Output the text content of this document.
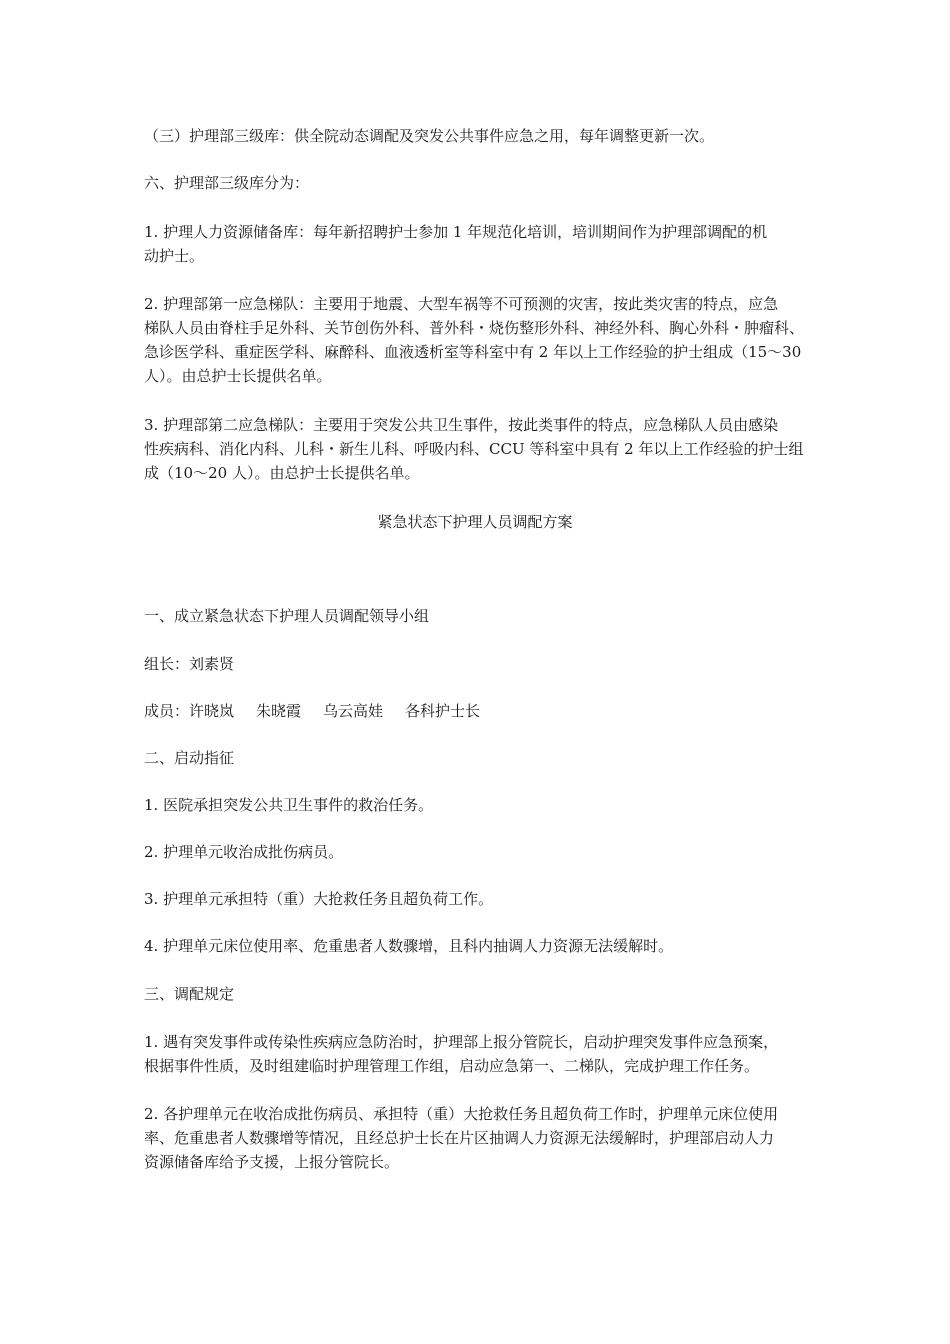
（三）护理部三级库：供全院动态调配及突发公共事件应急之用，每年调整更新一次。

六、护理部三级库分为：

1. 护理人力资源储备库：每年新招聘护士参加 1 年规范化培训，培训期间作为护理部调配的机
动护士。

2. 护理部第一应急梯队：主要用于地震、大型车祸等不可预测的灾害，按此类灾害的特点，应急
梯队人员由脊柱手足外科、关节创伤外科、普外科・烧伤整形外科、神经外科、胸心外科・肿瘤科、
急诊医学科、重症医学科、麻醉科、血液透析室等科室中有 2 年以上工作经验的护士组成（15～30
人）。由总护士长提供名单。

3. 护理部第二应急梯队：主要用于突发公共卫生事件，按此类事件的特点，应急梯队人员由感染
性疾病科、消化内科、儿科・新生儿科、呼吸内科、CCU 等科室中具有 2 年以上工作经验的护士组
成（10～20 人）。由总护士长提供名单。

紧急状态下护理人员调配方案

一、成立紧急状态下护理人员调配领导小组

组长：刘素贤

成员：许晓岚 朱晓霞 乌云高娃 各科护士长

二、启动指征

1. 医院承担突发公共卫生事件的救治任务。

2. 护理单元收治成批伤病员。

3. 护理单元承担特（重）大抢救任务且超负荷工作。

4. 护理单元床位使用率、危重患者人数骤增，且科内抽调人力资源无法缓解时。

三、调配规定

1. 遇有突发事件或传染性疾病应急防治时，护理部上报分管院长，启动护理突发事件应急预案，
根据事件性质，及时组建临时护理管理工作组，启动应急第一、二梯队，完成护理工作任务。

2. 各护理单元在收治成批伤病员、承担特（重）大抢救任务且超负荷工作时，护理单元床位使用
率、危重患者人数骤增等情况，且经总护士长在片区抽调人力资源无法缓解时，护理部启动人力
资源储备库给予支援，上报分管院长。
